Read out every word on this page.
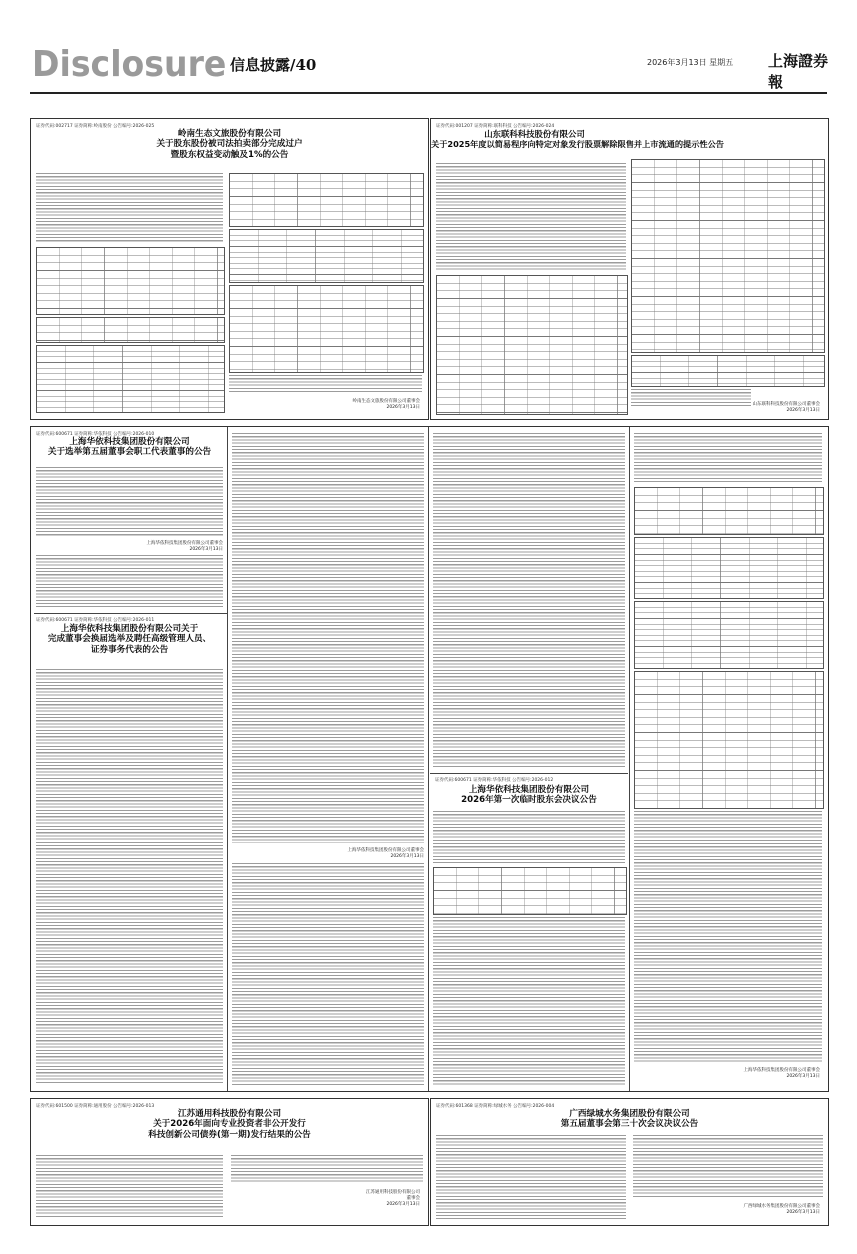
Disclosure 信息披露/40	2026年3月13日 星期五 上海證券報
证券代码:002717 证券简称:岭南股份 公告编号:2026-025
岭南生态文旅股份有限公司
关于股东股份被司法拍卖部分完成过户
暨股东权益变动触及1%的公告
岭南生态文旅股份有限公司董事会
2026年3月13日
证券代码:001207 证券简称:联科科技 公告编号:2026-024
山东联科科技股份有限公司
关于2025年度以简易程序向特定对象发行股票解除限售并上市流通的提示性公告
山东联科科技股份有限公司董事会
2026年3月13日
证券代码:600671 证券简称:华依科技 公告编号:2026-010
上海华依科技集团股份有限公司
关于选举第五届董事会职工代表董事的公告
上海华依科技集团股份有限公司董事会
2026年3月13日
证券代码:600671 证券简称:华依科技 公告编号:2026-011
上海华依科技集团股份有限公司关于
完成董事会换届选举及聘任高级管理人员、
证券事务代表的公告
上海华依科技集团股份有限公司董事会
2026年3月13日
证券代码:600671 证券简称:华依科技 公告编号:2026-012
上海华依科技集团股份有限公司
2026年第一次临时股东会决议公告
上海华依科技集团股份有限公司董事会
2026年3月13日
证券代码:601500 证券简称:通用股份 公告编号:2026-013
江苏通用科技股份有限公司
关于2026年面向专业投资者非公开发行
科技创新公司债券(第一期)发行结果的公告
江苏通用科技股份有限公司
董事会
2026年3月13日
证券代码:601368 证券简称:绿城水务 公告编号:2026-004
广西绿城水务集团股份有限公司
第五届董事会第三十次会议决议公告
广西绿城水务集团股份有限公司董事会
2026年3月13日
